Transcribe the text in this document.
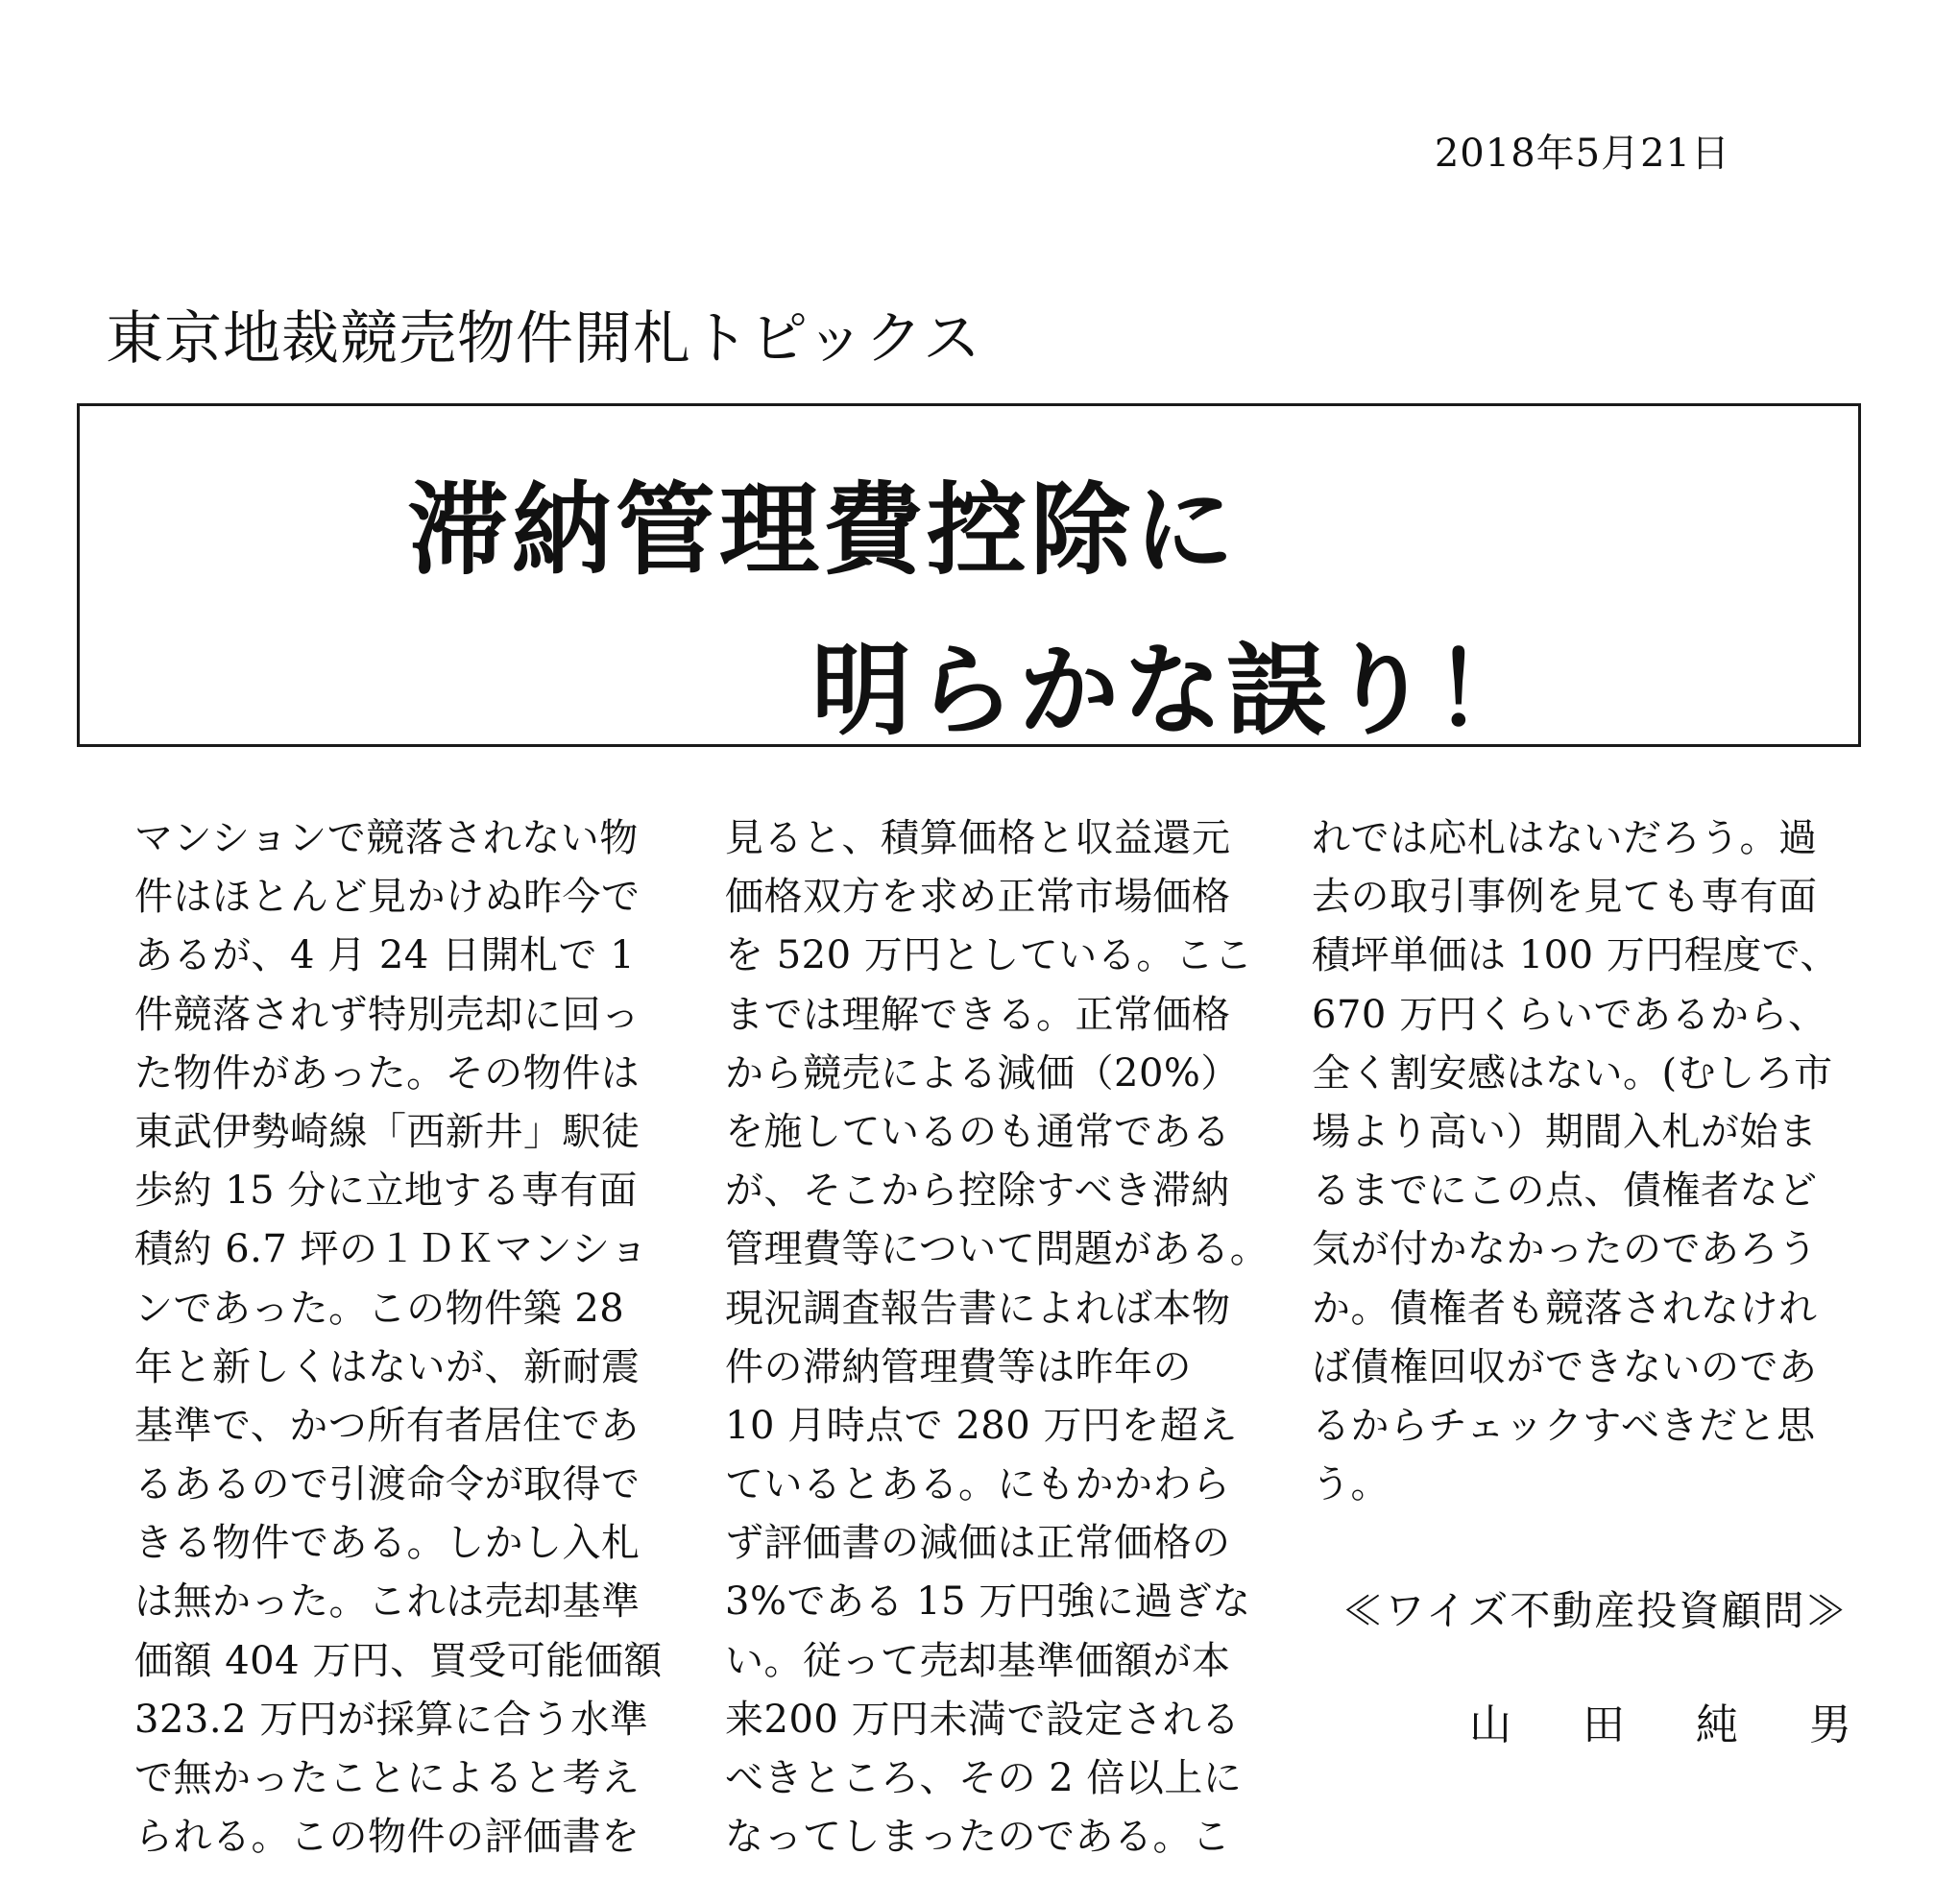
2018年5月21日
東京地裁競売物件開札トピックス
滞納管理費控除に
明らかな誤り！
マンションで競落されない物
件はほとんど見かけぬ昨今で
あるが、4 月 24 日開札で 1
件競落されず特別売却に回っ
た物件があった。その物件は
東武伊勢崎線「西新井」駅徒
歩約 15 分に立地する専有面
積約 6.7 坪の１ＤＫマンショ
ンであった。この物件築 28
年と新しくはないが、新耐震
基準で、かつ所有者居住であ
るあるので引渡命令が取得で
きる物件である。しかし入札
は無かった。これは売却基準
価額 404 万円、買受可能価額
323.2 万円が採算に合う水準
で無かったことによると考え
られる。この物件の評価書を
見ると、積算価格と収益還元
価格双方を求め正常市場価格
を 520 万円としている。ここ
までは理解できる。正常価格
から競売による減価（20%）
を施しているのも通常である
が、そこから控除すべき滞納
管理費等について問題がある。
現況調査報告書によれば本物
件の滞納管理費等は昨年の
10 月時点で 280 万円を超え
ているとある。にもかかわら
ず評価書の減価は正常価格の
3%である 15 万円強に過ぎな
い。従って売却基準価額が本
来200 万円未満で設定される
べきところ、その 2 倍以上に
なってしまったのである。こ
れでは応札はないだろう。過
去の取引事例を見ても専有面
積坪単価は 100 万円程度で、
670 万円くらいであるから、
全く割安感はない。(むしろ市
場より高い）期間入札が始ま
るまでにこの点、債権者など
気が付かなかったのであろう
か。債権者も競落されなけれ
ば債権回収ができないのであ
るからチェックすべきだと思
う。
≪ワイズ不動産投資顧問≫
山 田 純 男
